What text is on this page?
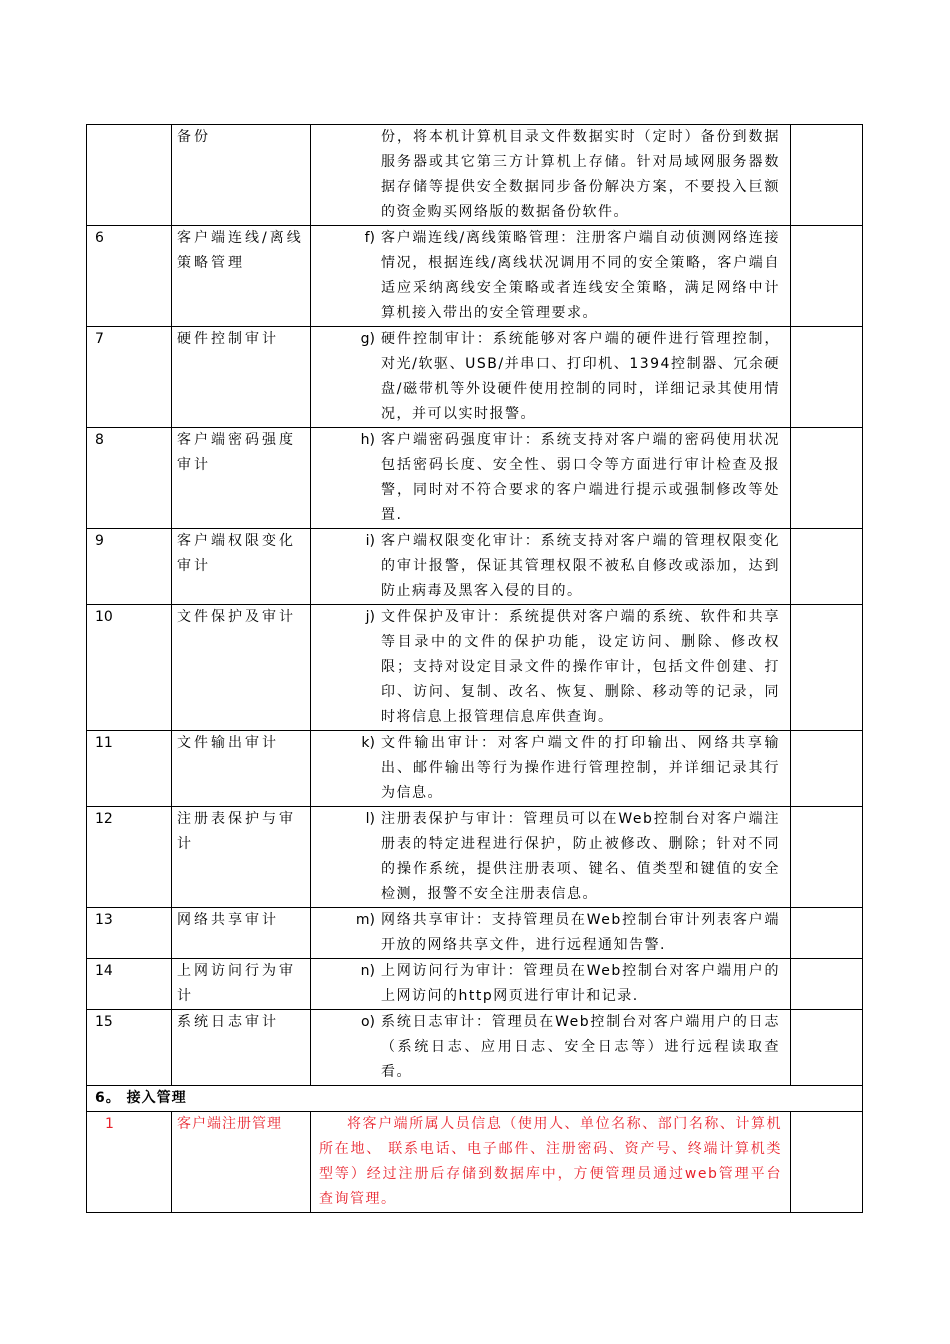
	备份	份，将本机计算机目录文件数据实时（定时）备份到数据服务器或其它第三方计算机上存储。针对局域网服务器数据存储等提供安全数据同步备份解决方案，不要投入巨额的资金购买网络版的数据备份软件。	

6	客户端连线/离线策略管理	f) 客户端连线/离线策略管理：注册客户端自动侦测网络连接情况，根据连线/离线状况调用不同的安全策略，客户端自适应采纳离线安全策略或者连线安全策略，满足网络中计算机接入带出的安全管理要求。	

7	硬件控制审计	g) 硬件控制审计：系统能够对客户端的硬件进行管理控制，对光/软驱、USB/并串口、打印机、1394控制器、冗余硬盘/磁带机等外设硬件使用控制的同时，详细记录其使用情况，并可以实时报警。	

8	客户端密码强度审计	h) 客户端密码强度审计：系统支持对客户端的密码使用状况包括密码长度、安全性、弱口令等方面进行审计检查及报警，同时对不符合要求的客户端进行提示或强制修改等处置.	

9	客户端权限变化审计	i) 客户端权限变化审计：系统支持对客户端的管理权限变化的审计报警，保证其管理权限不被私自修改或添加，达到防止病毒及黑客入侵的目的。	

10	文件保护及审计	j) 文件保护及审计：系统提供对客户端的系统、软件和共享等目录中的文件的保护功能，设定访问、删除、修改权限；支持对设定目录文件的操作审计，包括文件创建、打印、访问、复制、改名、恢复、删除、移动等的记录，同时将信息上报管理信息库供查询。	

11	文件输出审计	k) 文件输出审计：对客户端文件的打印输出、网络共享输出、邮件输出等行为操作进行管理控制，并详细记录其行为信息。	

12	注册表保护与审计	l) 注册表保护与审计：管理员可以在Web控制台对客户端注册表的特定进程进行保护，防止被修改、删除；针对不同的操作系统，提供注册表项、键名、值类型和键值的安全检测，报警不安全注册表信息。	

13	网络共享审计	m) 网络共享审计：支持管理员在Web控制台审计列表客户端开放的网络共享文件，进行远程通知告警.	

14	上网访问行为审计	n) 上网访问行为审计：管理员在Web控制台对客户端用户的上网访问的http网页进行审计和记录.	

15	系统日志审计	o) 系统日志审计：管理员在Web控制台对客户端用户的日志（系统日志、应用日志、安全日志等）进行远程读取查看。	

6。 接入管理			
1	客户端注册管理	将客户端所属人员信息（使用人、单位名称、部门名称、计算机所在地、 联系电话、电子邮件、注册密码、资产号、终端计算机类型等）经过注册后存储到数据库中，方便管理员通过web管理平台查询管理。	
